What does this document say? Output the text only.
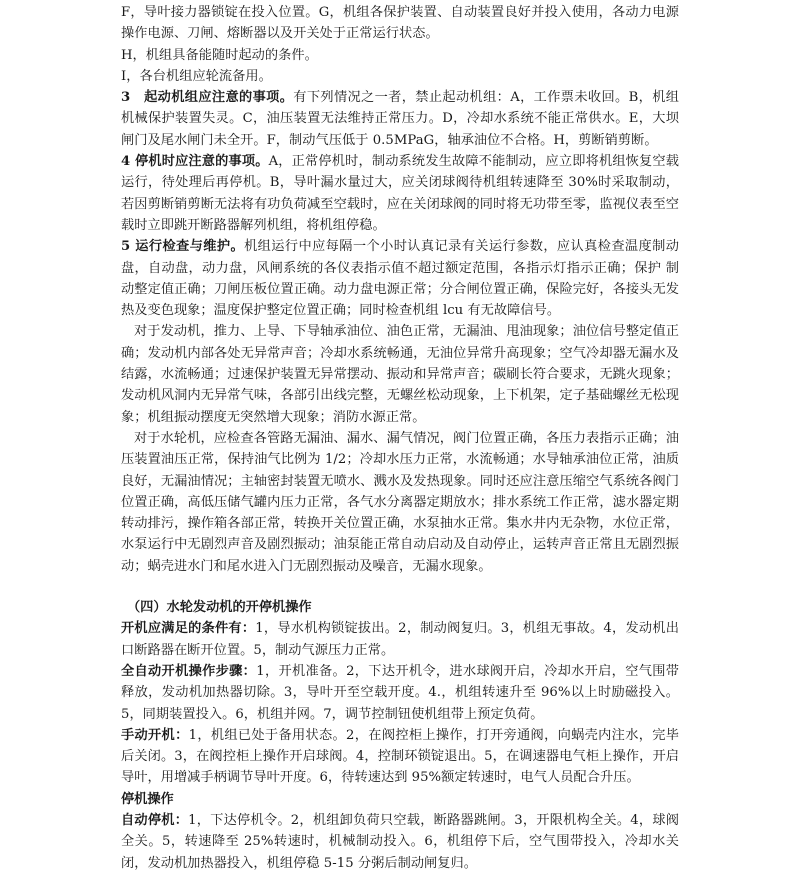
F，导叶接力器锁锭在投入位置。G，机组各保护装置、自动装置良好并投入使用，各动力电源操作电源、刀闸、熔断器以及开关处于正常运行状态。

H，机组具备能随时起动的条件。

I，各台机组应轮流备用。

3　起动机组应注意的事项。有下列情况之一者，禁止起动机组：A，工作票未收回。B，机组机械保护装置失灵。C，油压装置无法维持正常压力。D，冷却水系统不能正常供水。E，大坝闸门及尾水闸门未全开。F，制动气压低于 0.5MPaG，轴承油位不合格。H，剪断销剪断。

4 停机时应注意的事项。A，正常停机时，制动系统发生故障不能制动，应立即将机组恢复空载运行，待处理后再停机。B，导叶漏水量过大，应关闭球阀待机组转速降至 30%时采取制动，若因剪断销剪断无法将有功负荷减至空载时，应在关闭球阀的同时将无功带至零，监视仪表至空载时立即跳开断路器解列机组，将机组停稳。

5 运行检查与维护。机组运行中应每隔一个小时认真记录有关运行参数，应认真检查温度制动盘，自动盘，动力盘，风闸系统的各仪表指示值不超过额定范围，各指示灯指示正确；保护 制动整定值正确；刀闸压板位置正确。动力盘电源正常；分合闸位置正确，保险完好，各接头无发热及变色现象；温度保护整定位置正确；同时检查机组 lcu 有无故障信号。

对于发动机，推力、上导、下导轴承油位、油色正常，无漏油、甩油现象；油位信号整定值正确；发动机内部各处无异常声音；冷却水系统畅通，无油位异常升高现象；空气冷却器无漏水及结露，水流畅通；过速保护装置无异常摆动、振动和异常声音；碳刷长符合要求，无跳火现象；发动机风洞内无异常气味，各部引出线完整，无螺丝松动现象，上下机架，定子基础螺丝无松现象；机组振动摆度无突然增大现象；消防水源正常。

对于水轮机，应检查各管路无漏油、漏水、漏气情况，阀门位置正确，各压力表指示正确；油压装置油压正常，保持油气比例为 1/2；冷却水压力正常，水流畅通；水导轴承油位正常，油质良好，无漏油情况；主轴密封装置无喷水、溅水及发热现象。同时还应注意压缩空气系统各阀门位置正确，高低压储气罐内压力正常，各气水分离器定期放水；排水系统工作正常，滤水器定期转动排污，操作箱各部正常，转换开关位置正确，水泵抽水正常。集水井内无杂物，水位正常，水泵运行中无剧烈声音及剧烈振动；油泵能正常自动启动及自动停止，运转声音正常且无剧烈振动；蜗壳进水门和尾水进入门无剧烈振动及噪音，无漏水现象。

（四）水轮发动机的开停机操作

开机应满足的条件有：1，导水机构锁锭拔出。2，制动阀复归。3，机组无事故。4，发动机出口断路器在断开位置。5，制动气源压力正常。

全自动开机操作步骤：1，开机准备。2，下达开机令，进水球阀开启，冷却水开启，空气围带释放，发动机加热器切除。3，导叶开至空载开度。4.，机组转速升至 96%以上时励磁投入。5，同期装置投入。6，机组并网。7，调节控制钮使机组带上预定负荷。

手动开机：1，机组已处于备用状态。2，在阀控柜上操作，打开旁通阀，向蜗壳内注水，完毕后关闭。3，在阀控柜上操作开启球阀。4，控制环锁锭退出。5，在调速器电气柜上操作，开启导叶，用增减手柄调节导叶开度。6，待转速达到 95%额定转速时，电气人员配合升压。

停机操作

自动停机：1，下达停机令。2，机组卸负荷只空载，断路器跳闸。3，开限机构全关。4，球阀全关。5，转速降至 25%转速时，机械制动投入。6，机组停下后，空气围带投入，冷却水关闭，发动机加热器投入，机组停稳 5-15 分粥后制动闸复归。
